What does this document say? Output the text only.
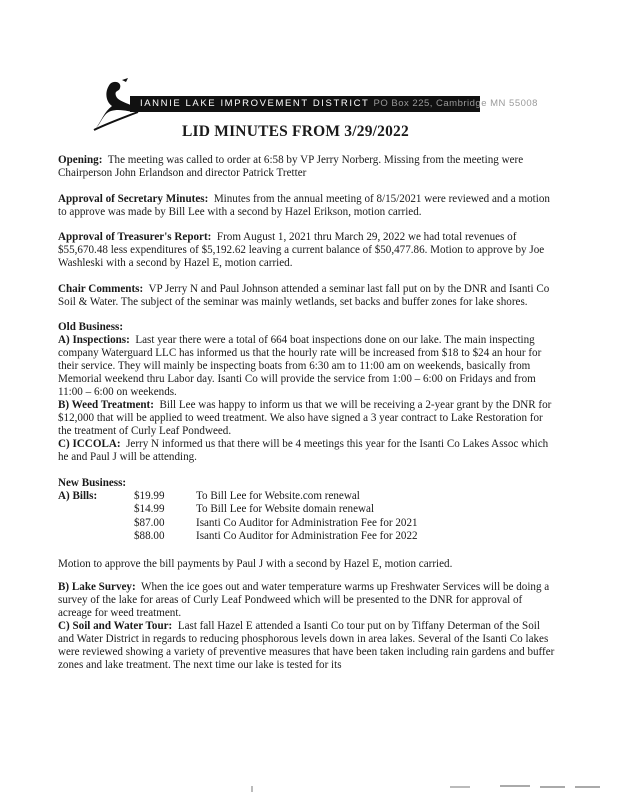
IANNIE LAKE IMPROVEMENT DISTRICT PO Box 225, Cambridge MN 55008
LID MINUTES FROM 3/29/2022

Opening: The meeting was called to order at 6:58 by VP Jerry Norberg. Missing from the meeting were Chairperson John Erlandson and director Patrick Tretter

Approval of Secretary Minutes: Minutes from the annual meeting of 8/15/2021 were reviewed and a motion to approve was made by Bill Lee with a second by Hazel Erikson, motion carried.

Approval of Treasurer's Report: From August 1, 2021 thru March 29, 2022 we had total revenues of $55,670.48 less expenditures of $5,192.62 leaving a current balance of $50,477.86. Motion to approve by Joe Washleski with a second by Hazel E, motion carried.

Chair Comments: VP Jerry N and Paul Johnson attended a seminar last fall put on by the DNR and Isanti Co Soil & Water. The subject of the seminar was mainly wetlands, set backs and buffer zones for lake shores.

Old Business:

A) Inspections: Last year there were a total of 664 boat inspections done on our lake. The main inspecting company Waterguard LLC has informed us that the hourly rate will be increased from $18 to $24 an hour for their service. They will mainly be inspecting boats from 6:30 am to 11:00 am on weekends, basically from Memorial weekend thru Labor day. Isanti Co will provide the service from 1:00 – 6:00 on Fridays and from 11:00 – 6:00 on weekends.

B) Weed Treatment: Bill Lee was happy to inform us that we will be receiving a 2-year grant by the DNR for $12,000 that will be applied to weed treatment. We also have signed a 3 year contract to Lake Restoration for the treatment of Curly Leaf Pondweed.

C) ICCOLA: Jerry N informed us that there will be 4 meetings this year for the Isanti Co Lakes Assoc which he and Paul J will be attending.

New Business:

A) Bills:	$19.99	To Bill Lee for Website.com renewal
$14.99	To Bill Lee for Website domain renewal
$87.00	Isanti Co Auditor for Administration Fee for 2021
$88.00	Isanti Co Auditor for Administration Fee for 2022

Motion to approve the bill payments by Paul J with a second by Hazel E, motion carried.

B) Lake Survey: When the ice goes out and water temperature warms up Freshwater Services will be doing a survey of the lake for areas of Curly Leaf Pondweed which will be presented to the DNR for approval of acreage for weed treatment.

C) Soil and Water Tour: Last fall Hazel E attended a Isanti Co tour put on by Tiffany Determan of the Soil and Water District in regards to reducing phosphorous levels down in area lakes. Several of the Isanti Co lakes were reviewed showing a variety of preventive measures that have been taken including rain gardens and buffer zones and lake treatment. The next time our lake is tested for its
